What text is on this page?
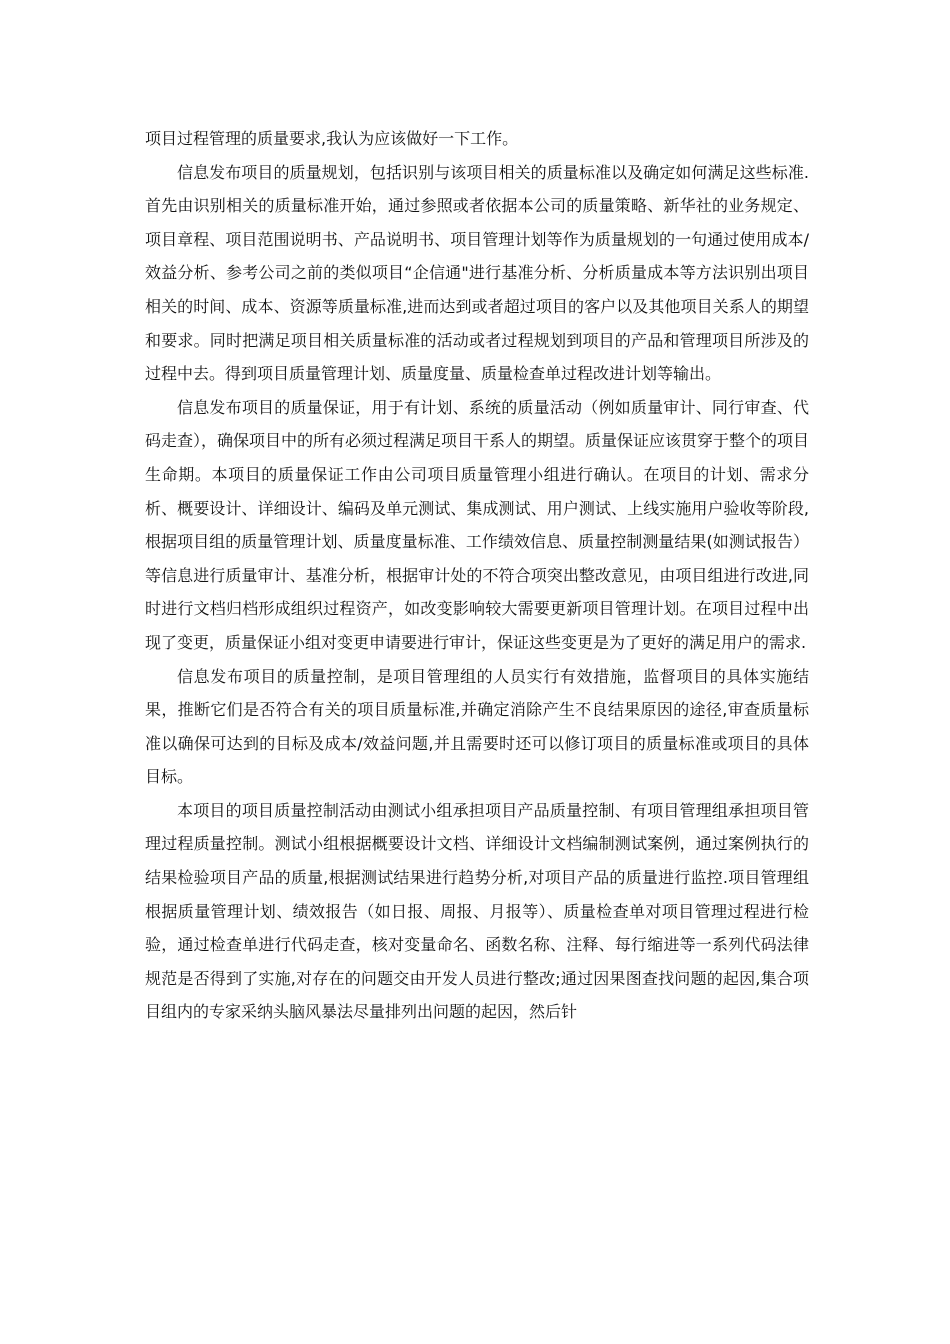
项目过程管理的质量要求,我认为应该做好一下工作。

信息发布项目的质量规划，包括识别与该项目相关的质量标准以及确定如何满足这些标准.首先由识别相关的质量标准开始，通过参照或者依据本公司的质量策略、新华社的业务规定、项目章程、项目范围说明书、产品说明书、项目管理计划等作为质量规划的一句通过使用成本/效益分析、参考公司之前的类似项目“企信通"进行基准分析、分析质量成本等方法识别出项目相关的时间、成本、资源等质量标准,进而达到或者超过项目的客户以及其他项目关系人的期望和要求。同时把满足项目相关质量标准的活动或者过程规划到项目的产品和管理项目所涉及的过程中去。得到项目质量管理计划、质量度量、质量检查单过程改进计划等输出。

信息发布项目的质量保证，用于有计划、系统的质量活动（例如质量审计、同行审查、代码走查），确保项目中的所有必须过程满足项目干系人的期望。质量保证应该贯穿于整个的项目生命期。本项目的质量保证工作由公司项目质量管理小组进行确认。在项目的计划、需求分析、概要设计、详细设计、编码及单元测试、集成测试、用户测试、上线实施用户验收等阶段,根据项目组的质量管理计划、质量度量标准、工作绩效信息、质量控制测量结果(如测试报告）等信息进行质量审计、基准分析，根据审计处的不符合项突出整改意见，由项目组进行改进,同时进行文档归档形成组织过程资产，如改变影响较大需要更新项目管理计划。在项目过程中出现了变更，质量保证小组对变更申请要进行审计，保证这些变更是为了更好的满足用户的需求.

信息发布项目的质量控制，是项目管理组的人员实行有效措施，监督项目的具体实施结果，推断它们是否符合有关的项目质量标准,并确定消除产生不良结果原因的途径,审查质量标准以确保可达到的目标及成本/效益问题,并且需要时还可以修订项目的质量标准或项目的具体目标。

本项目的项目质量控制活动由测试小组承担项目产品质量控制、有项目管理组承担项目管理过程质量控制。测试小组根据概要设计文档、详细设计文档编制测试案例，通过案例执行的结果检验项目产品的质量,根据测试结果进行趋势分析,对项目产品的质量进行监控.项目管理组根据质量管理计划、绩效报告（如日报、周报、月报等）、质量检查单对项目管理过程进行检验，通过检查单进行代码走查，核对变量命名、函数名称、注释、每行缩进等一系列代码法律规范是否得到了实施,对存在的问题交由开发人员进行整改;通过因果图查找问题的起因,集合项目组内的专家采纳头脑风暴法尽量排列出问题的起因，然后针
